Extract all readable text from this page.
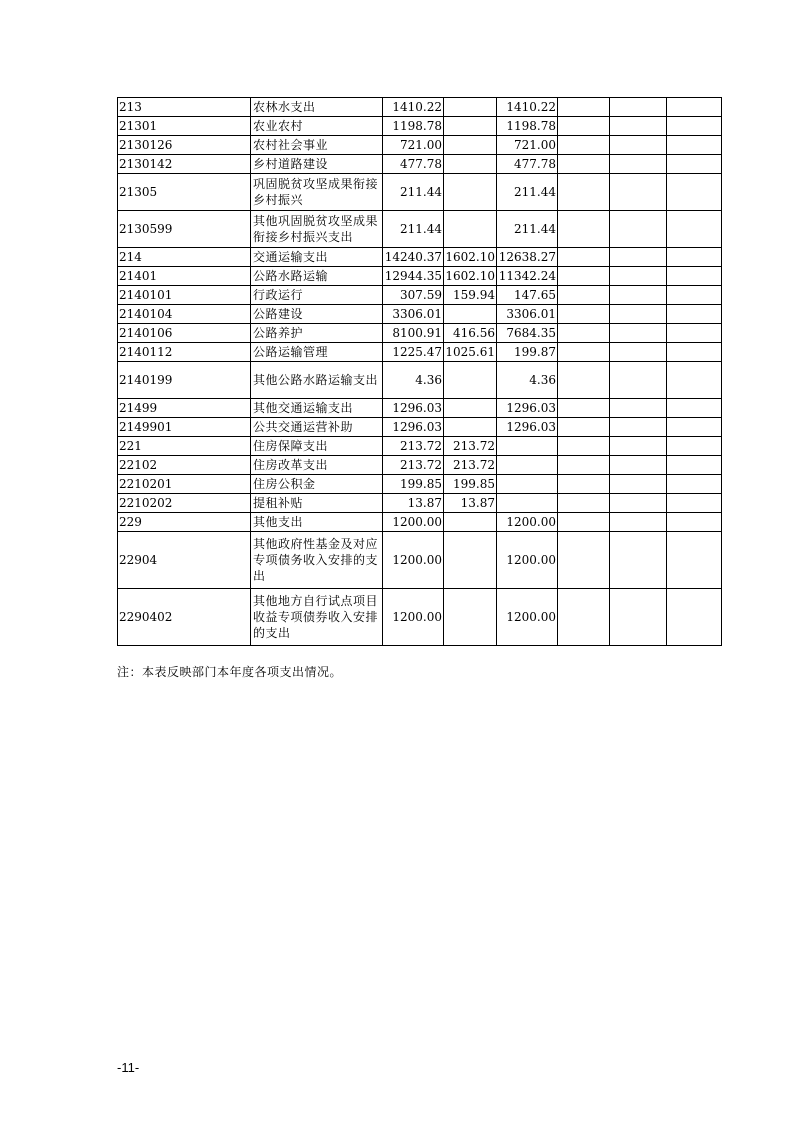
213	农林水支出	1410.22		1410.22			
21301	农业农村	1198.78		1198.78			
2130126	农村社会事业	721.00		721.00			
2130142	乡村道路建设	477.78		477.78			
21305	巩固脱贫攻坚成果衔接乡村振兴	211.44		211.44			
2130599	其他巩固脱贫攻坚成果衔接乡村振兴支出	211.44		211.44			
214	交通运输支出	14240.37	1602.10	12638.27			
21401	公路水路运输	12944.35	1602.10	11342.24			
2140101	行政运行	307.59	159.94	147.65			
2140104	公路建设	3306.01		3306.01			
2140106	公路养护	8100.91	416.56	7684.35			
2140112	公路运输管理	1225.47	1025.61	199.87			
2140199	其他公路水路运输支出	4.36		4.36			
21499	其他交通运输支出	1296.03		1296.03			
2149901	公共交通运营补助	1296.03		1296.03			
221	住房保障支出	213.72	213.72				
22102	住房改革支出	213.72	213.72				
2210201	住房公积金	199.85	199.85				
2210202	提租补贴	13.87	13.87				
229	其他支出	1200.00		1200.00			
22904	其他政府性基金及对应专项债务收入安排的支出	1200.00		1200.00			
2290402	其他地方自行试点项目收益专项债券收入安排的支出	1200.00		1200.00			
注：本表反映部门本年度各项支出情况。
-11-
